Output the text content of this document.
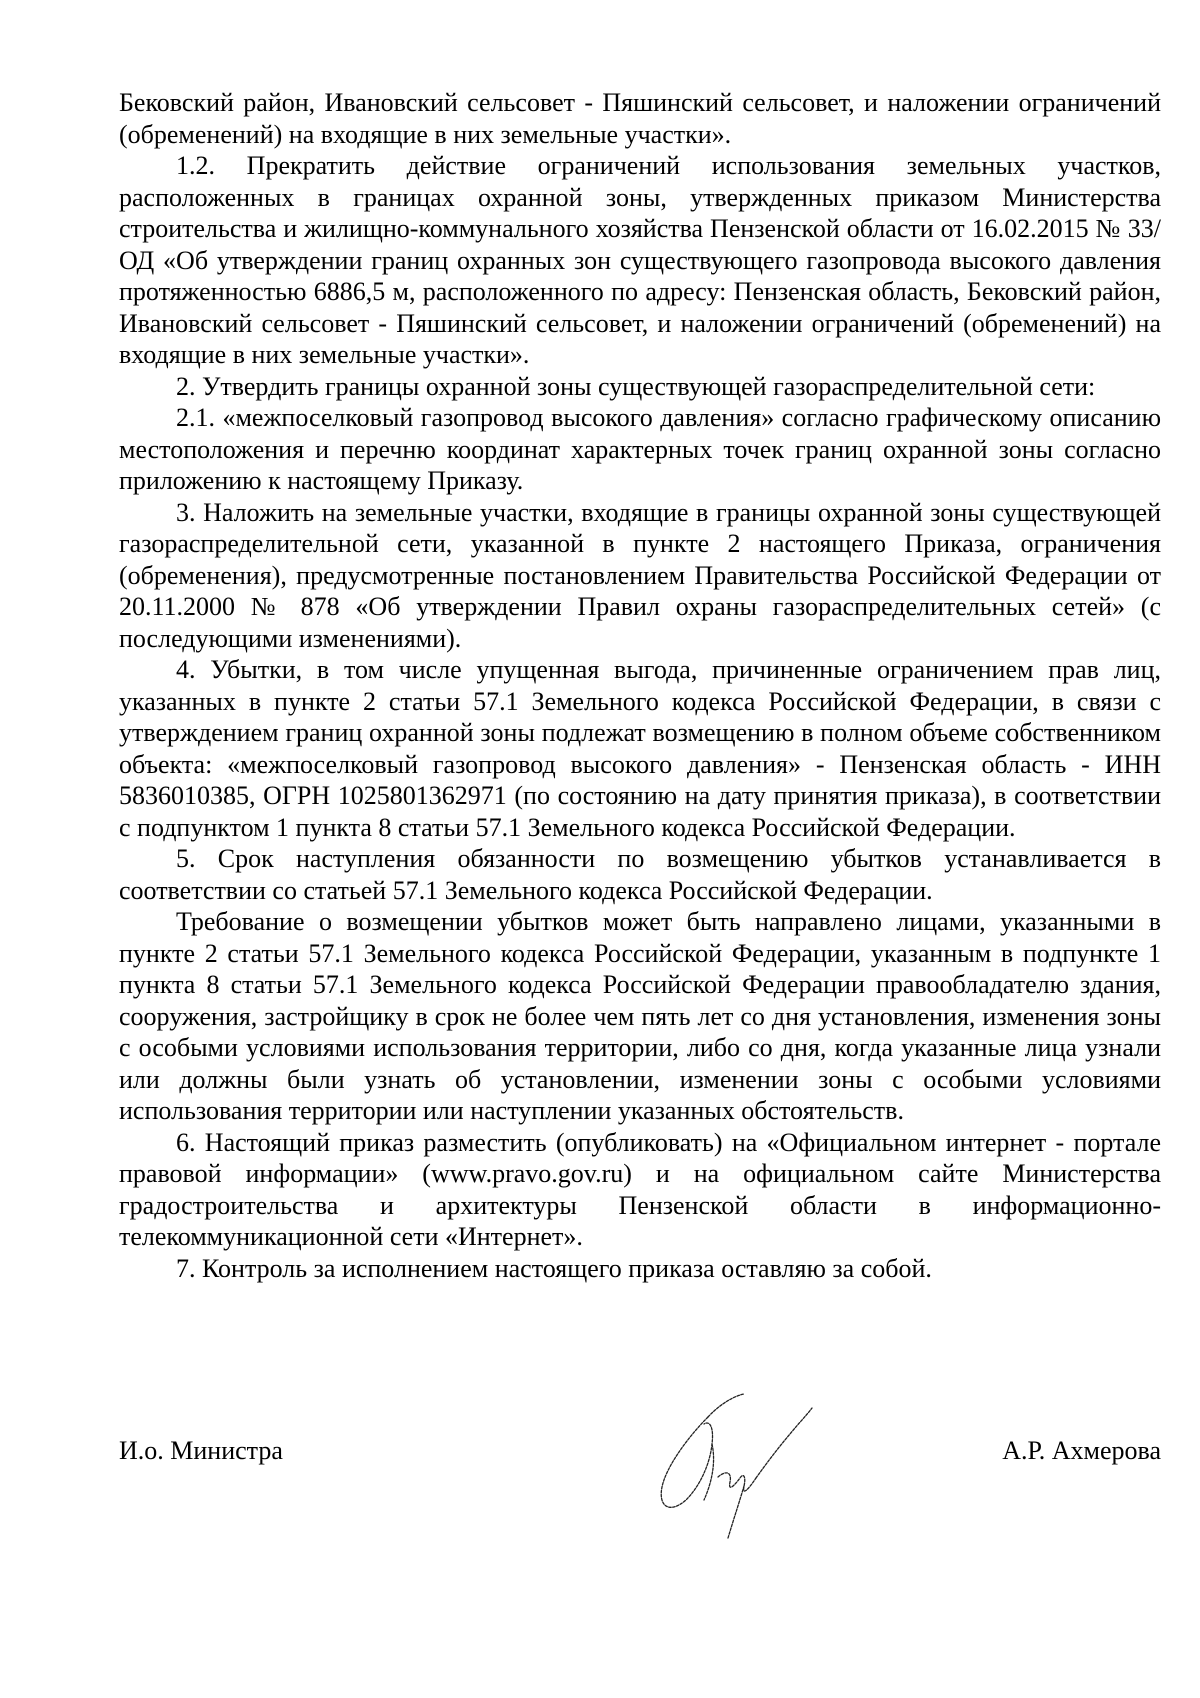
Бековский район, Ивановский сельсовет - Пяшинский сельсовет, и наложении ограничений (обременений) на входящие в них земельные участки».

1.2. Прекратить действие ограничений использования земельных участков, расположенных в границах охранной зоны, утвержденных приказом Министерства строительства и жилищно-коммунального хозяйства Пензенской области от 16.02.2015 № 33/ОД «Об утверждении границ охранных зон существующего газопровода высокого давления протяженностью 6886,5 м, расположенного по адресу: Пензенская область, Бековский район, Ивановский сельсовет - Пяшинский сельсовет, и наложении ограничений (обременений) на входящие в них земельные участки».

2. Утвердить границы охранной зоны существующей газораспределительной сети:

2.1. «межпоселковый газопровод высокого давления» согласно графическому описанию местоположения и перечню координат характерных точек границ охранной зоны согласно приложению к настоящему Приказу.

3. Наложить на земельные участки, входящие в границы охранной зоны существующей газораспределительной сети, указанной в пункте 2 настоящего Приказа, ограничения (обременения), предусмотренные постановлением Правительства Российской Федерации от 20.11.2000 № 878 «Об утверждении Правил охраны газораспределительных сетей» (с последующими изменениями).

4. Убытки, в том числе упущенная выгода, причиненные ограничением прав лиц, указанных в пункте 2 статьи 57.1 Земельного кодекса Российской Федерации, в связи с утверждением границ охранной зоны подлежат возмещению в полном объеме собственником объекта: «межпоселковый газопровод высокого давления» - Пензенская область - ИНН 5836010385, ОГРН 1025801362971 (по состоянию на дату принятия приказа), в соответствии с подпунктом 1 пункта 8 статьи 57.1 Земельного кодекса Российской Федерации.

5. Срок наступления обязанности по возмещению убытков устанавливается в соответствии со статьей 57.1 Земельного кодекса Российской Федерации.

Требование о возмещении убытков может быть направлено лицами, указанными в пункте 2 статьи 57.1 Земельного кодекса Российской Федерации, указанным в подпункте 1 пункта 8 статьи 57.1 Земельного кодекса Российской Федерации правообладателю здания, сооружения, застройщику в срок не более чем пять лет со дня установления, изменения зоны с особыми условиями использования территории, либо со дня, когда указанные лица узнали или должны были узнать об установлении, изменении зоны с особыми условиями использования территории или наступлении указанных обстоятельств.

6. Настоящий приказ разместить (опубликовать) на «Официальном интернет - портале правовой информации» (www.pravo.gov.ru) и на официальном сайте Министерства градостроительства и архитектуры Пензенской области в информационно-телекоммуникационной сети «Интернет».

7. Контроль за исполнением настоящего приказа оставляю за собой.

И.о. Министра	А.Р. Ахмерова
